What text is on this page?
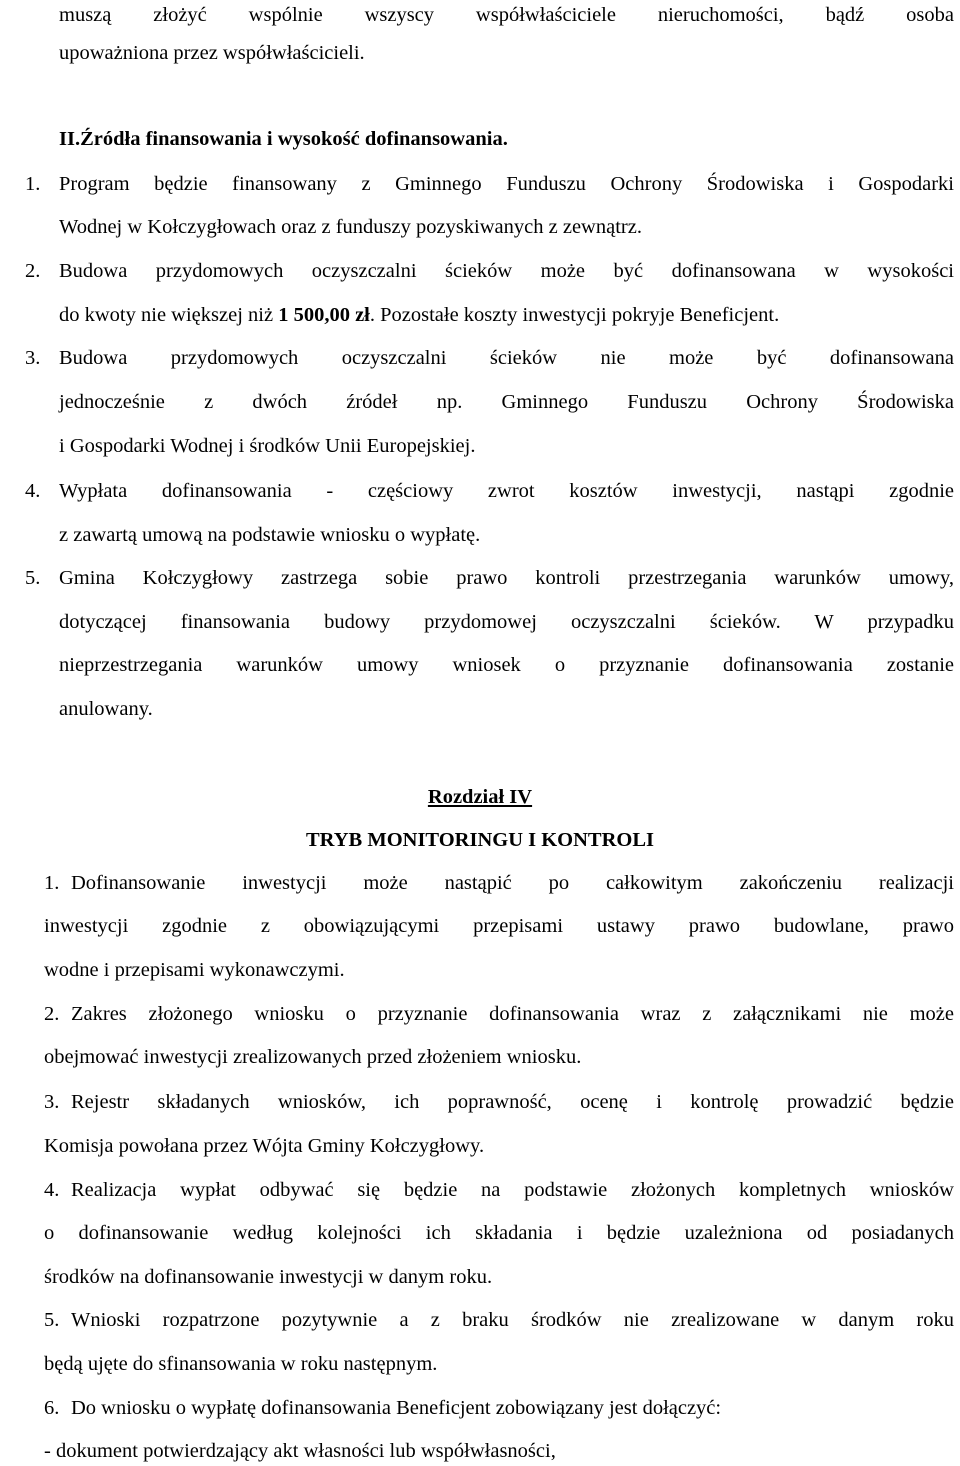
muszą złożyć wspólnie wszyscy współwłaściciele nieruchomości, bądź osoba
upoważniona przez współwłaścicieli.
II.Źródła finansowania i wysokość dofinansowania.
1. Program będzie finansowany z Gminnego Funduszu Ochrony Środowiska i Gospodarki
Wodnej w Kołczygłowach oraz z funduszy pozyskiwanych z zewnątrz.
2. Budowa przydomowych oczyszczalni ścieków może być dofinansowana w wysokości
do kwoty nie większej niż 1 500,00 zł. Pozostałe koszty inwestycji pokryje Beneficjent.
3. Budowa przydomowych oczyszczalni ścieków nie może być dofinansowana
jednocześnie z dwóch źródeł np. Gminnego Funduszu Ochrony Środowiska
i Gospodarki Wodnej i środków Unii Europejskiej.
4. Wypłata dofinansowania - częściowy zwrot kosztów inwestycji, nastąpi zgodnie
z zawartą umową na podstawie wniosku o wypłatę.
5. Gmina Kołczygłowy zastrzega sobie prawo kontroli przestrzegania warunków umowy,
dotyczącej finansowania budowy przydomowej oczyszczalni ścieków. W przypadku
nieprzestrzegania warunków umowy wniosek o przyznanie dofinansowania zostanie
anulowany.
Rozdział IV
TRYB MONITORINGU I KONTROLI
1. Dofinansowanie inwestycji może nastąpić po całkowitym zakończeniu realizacji
inwestycji zgodnie z obowiązującymi przepisami ustawy prawo budowlane, prawo
wodne i przepisami wykonawczymi.
2. Zakres złożonego wniosku o przyznanie dofinansowania wraz z załącznikami nie może
obejmować inwestycji zrealizowanych przed złożeniem wniosku.
3. Rejestr składanych wniosków, ich poprawność, ocenę i kontrolę prowadzić będzie
Komisja powołana przez Wójta Gminy Kołczygłowy.
4. Realizacja wypłat odbywać się będzie na podstawie złożonych kompletnych wniosków
o dofinansowanie według kolejności ich składania i będzie uzależniona od posiadanych
środków na dofinansowanie inwestycji w danym roku.
5. Wnioski rozpatrzone pozytywnie a z braku środków nie zrealizowane w danym roku
będą ujęte do sfinansowania w roku następnym.
6. Do wniosku o wypłatę dofinansowania Beneficjent zobowiązany jest dołączyć:
- dokument potwierdzający akt własności lub współwłasności,
